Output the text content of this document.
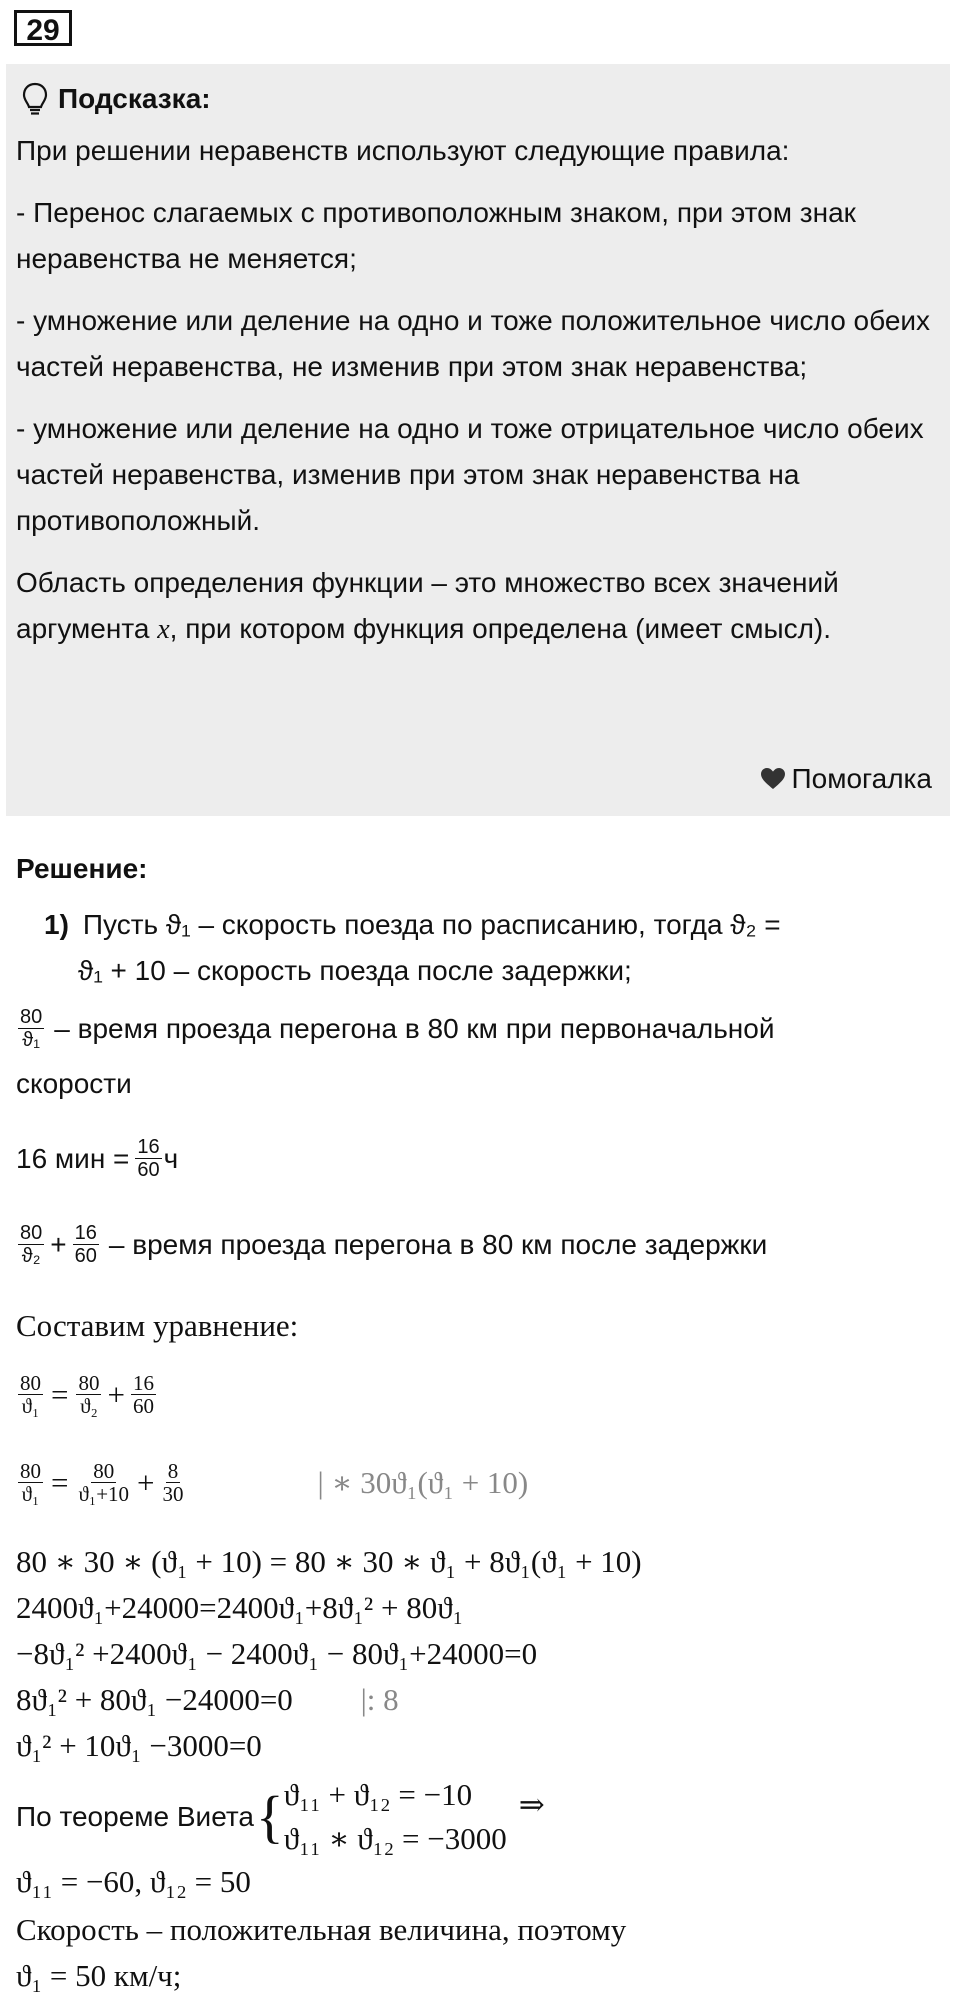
29
Подсказка:

При решении неравенств используют следующие правила:

- Перенос слагаемых с противоположным знаком, при этом знак неравенства не меняется;

- умножение или деление на одно и тоже положительное число обеих частей неравенства, не изменив при этом знак неравенства;

- умножение или деление на одно и тоже отрицательное число обеих частей неравенства, изменив при этом знак неравенства на противоположный.

Область определения функции – это множество всех значений аргумента x, при котором функция определена (имеет смысл).

Помогалка
Решение:
1) Пусть ϑ₁ – скорость поезда по расписанию, тогда ϑ₂ =
ϑ₁ + 10 – скорость поезда после задержки;
$\frac{80}{\text{ϑ₁}}$ – время проезда перегона в 80 км при первоначальной
скорости
16 мин = $\frac{16}{60}$ ч
$\frac{80}{\text{ϑ₂}} + \frac{16}{60}$ – время проезда перегона в 80 км после задержки
Составим уравнение:
$\frac{80}{\text{ϑ₁}} = \frac{80}{\text{ϑ₂}} + \frac{16}{60}$
$\frac{80}{\text{ϑ₁}} = \frac{80}{\text{ϑ₁+10}} + \frac{8}{30}$	| ∗ 30ϑ₁(ϑ₁ + 10)
80 ∗ 30 ∗ (ϑ₁ + 10) = 80 ∗ 30 ∗ ϑ₁ + 8ϑ₁(ϑ₁ + 10)
2400ϑ₁+24000=2400ϑ₁+8ϑ₁² + 80ϑ₁
−8ϑ₁² +2400ϑ₁ − 2400ϑ₁ − 80ϑ₁+24000=0
8ϑ₁² + 80ϑ₁ −24000=0 |: 8
ϑ₁² + 10ϑ₁ −3000=0
По теореме Виета { ϑ₁₁ + ϑ₁₂ = −10
ϑ₁₁ ∗ ϑ₁₂ = −3000
⇒
ϑ₁₁ = −60, ϑ₁₂ = 50
Скорость – положительная величина, поэтому
ϑ₁ = 50 км/ч;
